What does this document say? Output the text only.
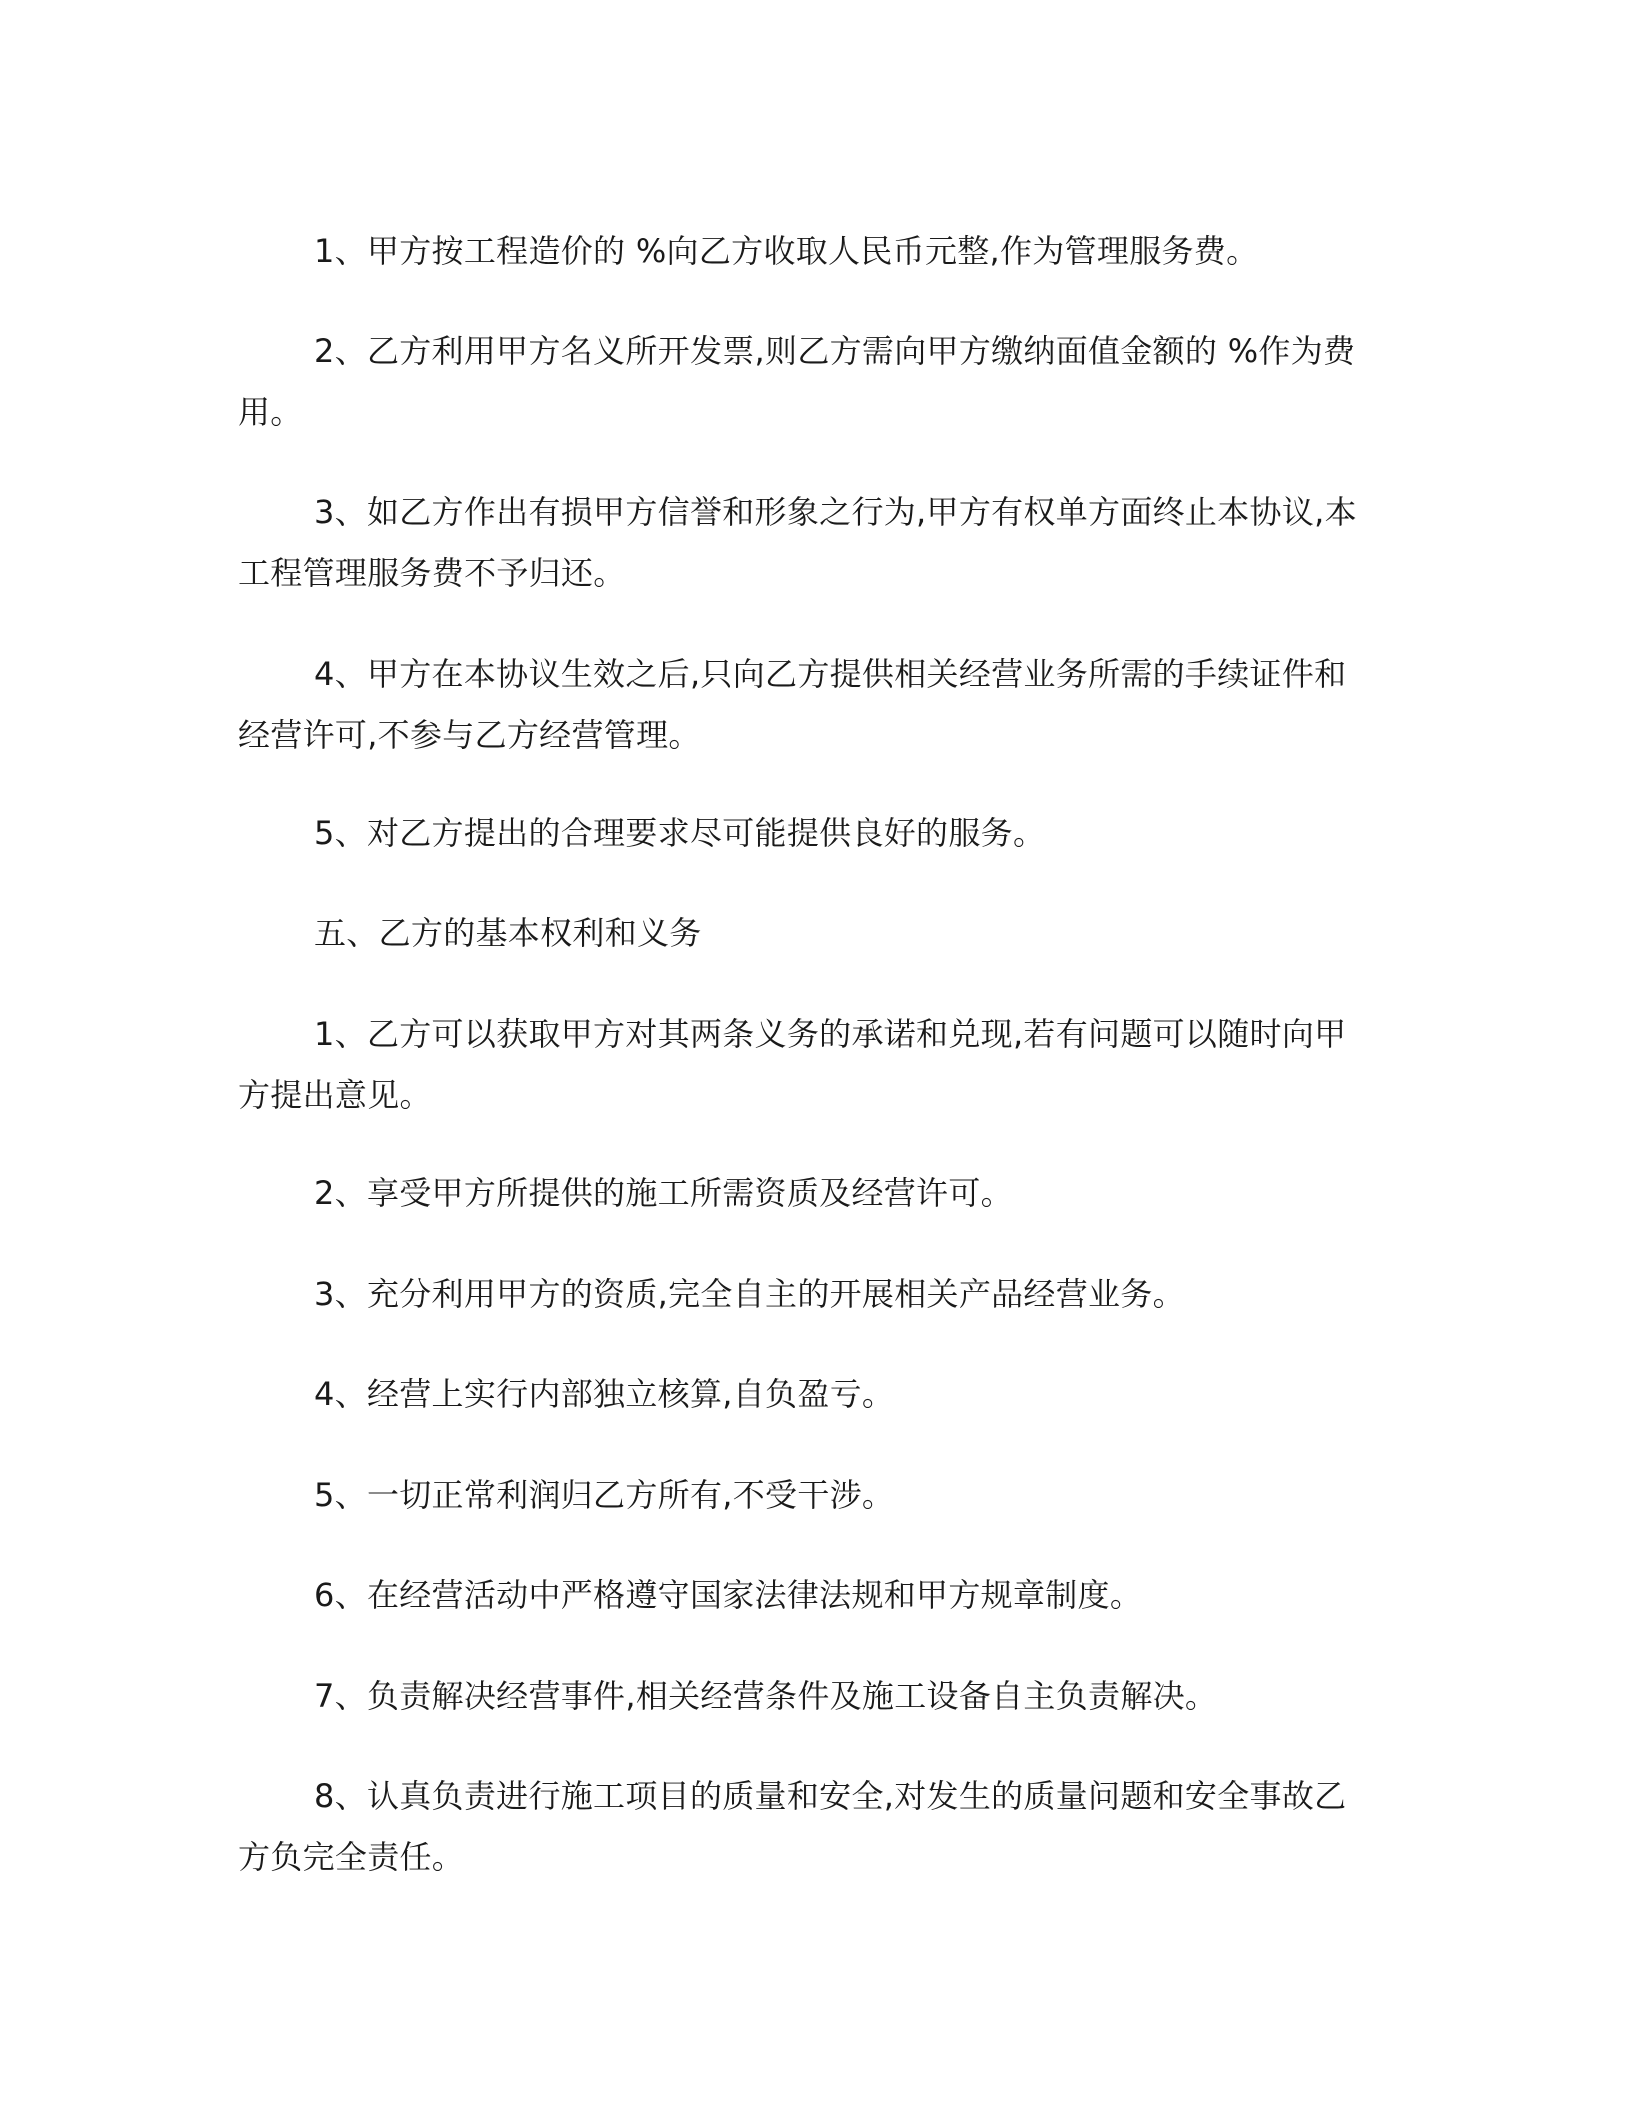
1、甲方按工程造价的 %向乙方收取人民币元整,作为管理服务费。

2、乙方利用甲方名义所开发票,则乙方需向甲方缴纳面值金额的 %作为费用。

3、如乙方作出有损甲方信誉和形象之行为,甲方有权单方面终止本协议,本工程管理服务费不予归还。

4、甲方在本协议生效之后,只向乙方提供相关经营业务所需的手续证件和经营许可,不参与乙方经营管理。

5、对乙方提出的合理要求尽可能提供良好的服务。

五、乙方的基本权利和义务

1、乙方可以获取甲方对其两条义务的承诺和兑现,若有问题可以随时向甲方提出意见。

2、享受甲方所提供的施工所需资质及经营许可。

3、充分利用甲方的资质,完全自主的开展相关产品经营业务。

4、经营上实行内部独立核算,自负盈亏。

5、一切正常利润归乙方所有,不受干涉。

6、在经营活动中严格遵守国家法律法规和甲方规章制度。

7、负责解决经营事件,相关经营条件及施工设备自主负责解决。

8、认真负责进行施工项目的质量和安全,对发生的质量问题和安全事故乙方负完全责任。
